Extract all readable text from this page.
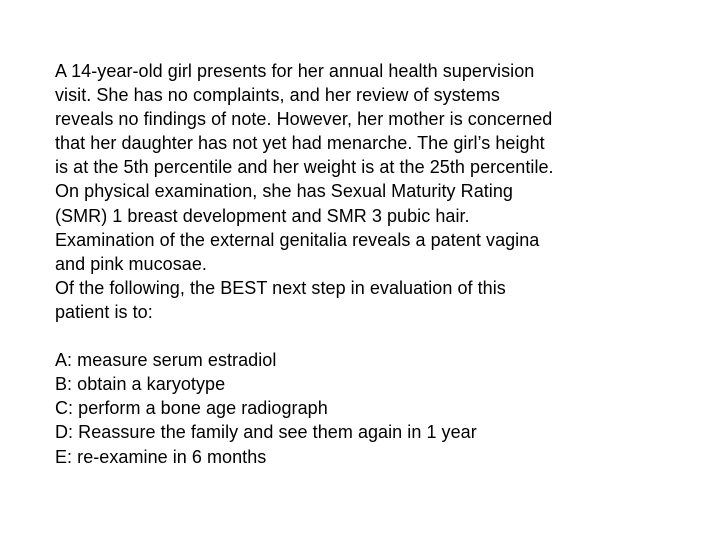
A 14-year-old girl presents for her annual health supervision
visit. She has no complaints, and her review of systems
reveals no findings of note. However, her mother is concerned
that her daughter has not yet had menarche. The girl’s height
is at the 5th percentile and her weight is at the 25th percentile.
On physical examination, she has Sexual Maturity Rating
(SMR) 1 breast development and SMR 3 pubic hair.
Examination of the external genitalia reveals a patent vagina
and pink mucosae.
Of the following, the BEST next step in evaluation of this
patient is to:
A: measure serum estradiol
B: obtain a karyotype
C: perform a bone age radiograph
D: Reassure the family and see them again in 1 year
E: re-examine in 6 months
